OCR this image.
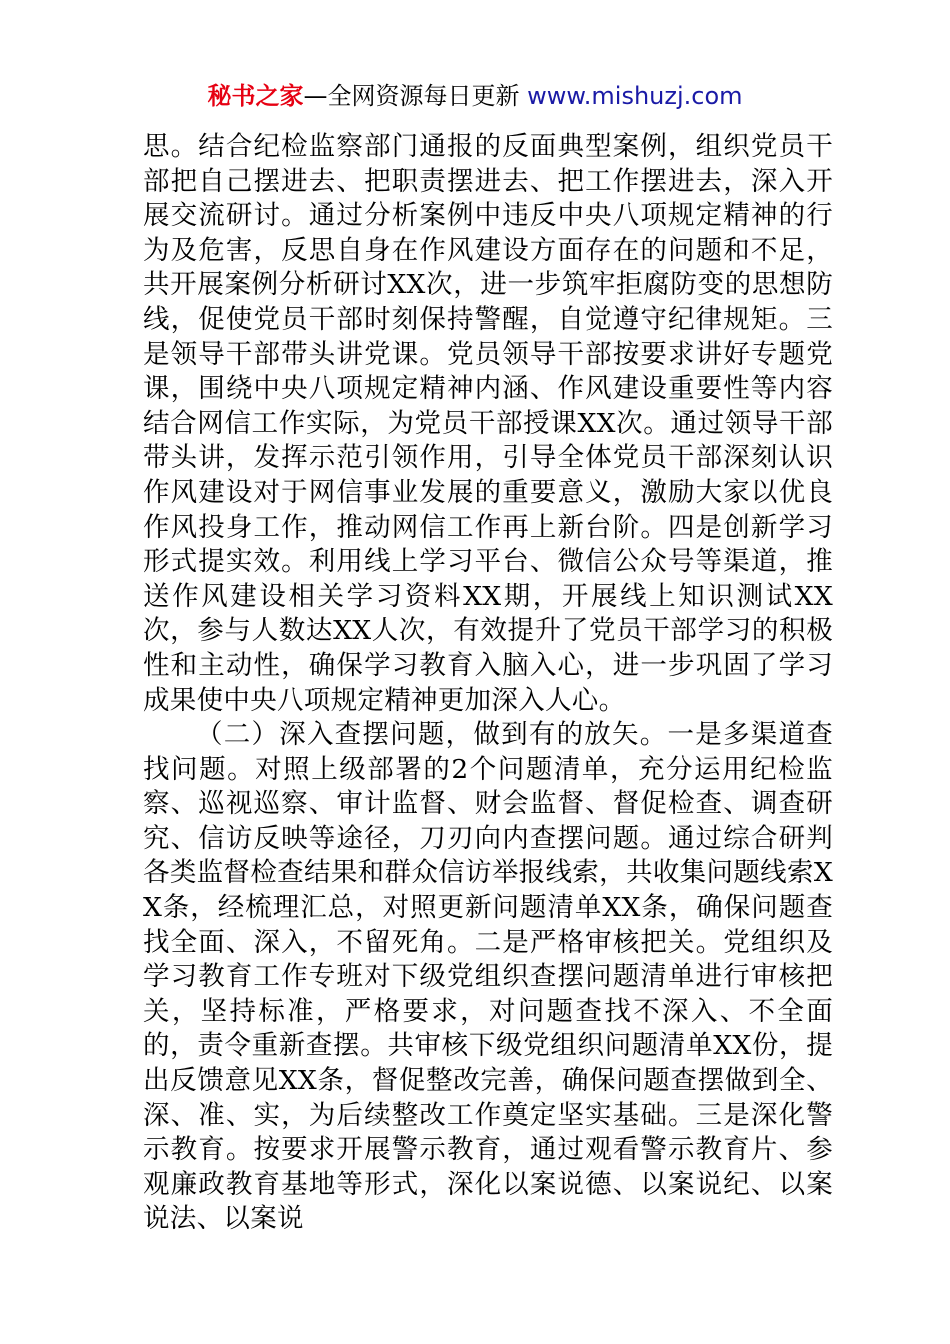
秘书之家—全网资源每日更新 www.mishuzj.com

思。结合纪检监察部门通报的反面典型案例，组织党员干部把自己摆进去、把职责摆进去、把工作摆进去，深入开展交流研讨。通过分析案例中违反中央八项规定精神的行为及危害，反思自身在作风建设方面存在的问题和不足，共开展案例分析研讨XX次，进一步筑牢拒腐防变的思想防线，促使党员干部时刻保持警醒，自觉遵守纪律规矩。三是领导干部带头讲党课。党员领导干部按要求讲好专题党课，围绕中央八项规定精神内涵、作风建设重要性等内容结合网信工作实际，为党员干部授课XX次。通过领导干部带头讲，发挥示范引领作用，引导全体党员干部深刻认识作风建设对于网信事业发展的重要意义，激励大家以优良作风投身工作，推动网信工作再上新台阶。四是创新学习形式提实效。利用线上学习平台、微信公众号等渠道，推送作风建设相关学习资料XX期，开展线上知识测试XX次，参与人数达XX人次，有效提升了党员干部学习的积极性和主动性，确保学习教育入脑入心，进一步巩固了学习成果使中央八项规定精神更加深入人心。

（二）深入查摆问题，做到有的放矢。一是多渠道查找问题。对照上级部署的2个问题清单，充分运用纪检监察、巡视巡察、审计监督、财会监督、督促检查、调查研究、信访反映等途径，刀刃向内查摆问题。通过综合研判各类监督检查结果和群众信访举报线索，共收集问题线索XX条，经梳理汇总，对照更新问题清单XX条，确保问题查找全面、深入，不留死角。二是严格审核把关。党组织及学习教育工作专班对下级党组织查摆问题清单进行审核把关，坚持标准，严格要求，对问题查找不深入、不全面的，责令重新查摆。共审核下级党组织问题清单XX份，提出反馈意见XX条，督促整改完善，确保问题查摆做到全、深、准、实，为后续整改工作奠定坚实基础。三是深化警示教育。按要求开展警示教育，通过观看警示教育片、参观廉政教育基地等形式，深化以案说德、以案说纪、以案说法、以案说
